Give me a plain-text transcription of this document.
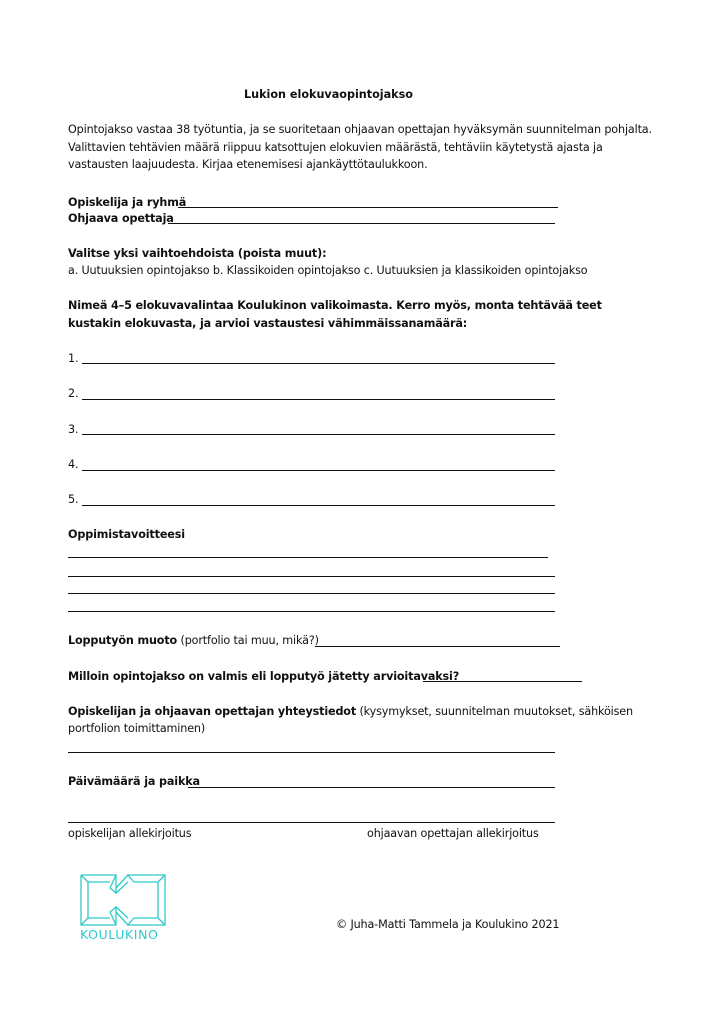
Lukion elokuvaopintojakso
Opintojakso vastaa 38 työtuntia, ja se suoritetaan ohjaavan opettajan hyväksymän suunnitelman pohjalta.
Valittavien tehtävien määrä riippuu katsottujen elokuvien määrästä, tehtäviin käytetystä ajasta ja
vastausten laajuudesta. Kirjaa etenemisesi ajankäyttötaulukkoon.
Opiskelija ja ryhmä
Ohjaava opettaja
Valitse yksi vaihtoehdoista (poista muut):
a. Uutuuksien opintojakso b. Klassikoiden opintojakso c. Uutuuksien ja klassikoiden opintojakso
Nimeä 4–5 elokuvavalintaa Koulukinon valikoimasta. Kerro myös, monta tehtävää teet
kustakin elokuvasta, ja arvioi vastaustesi vähimmäissanamäärä:
1.
2.
3.
4.
5.
Oppimistavoitteesi
Lopputyön muoto (portfolio tai muu, mikä?)
Milloin opintojakso on valmis eli lopputyö jätetty arvioitavaksi?
Opiskelijan ja ohjaavan opettajan yhteystiedot (kysymykset, suunnitelman muutokset, sähköisen
portfolion toimittaminen)
Päivämäärä ja paikka
opiskelijan allekirjoitus	ohjaavan opettajan allekirjoitus
KOULUKINO
© Juha-Matti Tammela ja Koulukino 2021
